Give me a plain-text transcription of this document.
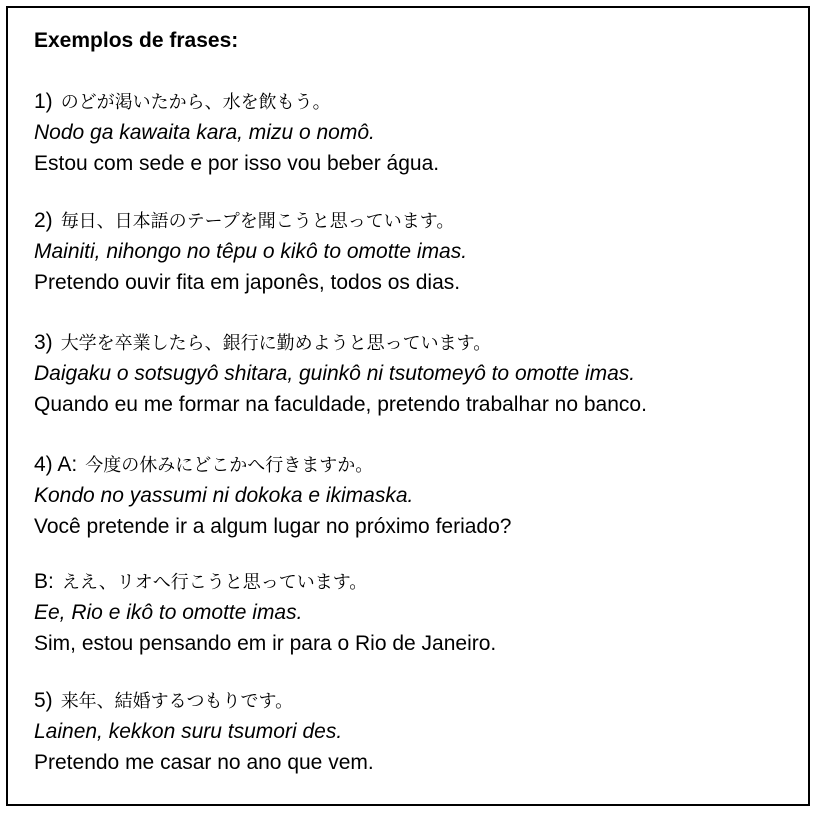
Exemplos de frases:
1) のどが渇いたから、水を飲もう。
Nodo ga kawaita kara, mizu o nomô.
Estou com sede e por isso vou beber água.
2) 毎日、日本語のテープを聞こうと思っています。
Mainiti, nihongo no têpu o kikô to omotte imas.
Pretendo ouvir fita em japonês, todos os dias.
3) 大学を卒業したら、銀行に勤めようと思っています。
Daigaku o sotsugyô shitara, guinkô ni tsutomeyô to omotte imas.
Quando eu me formar na faculdade, pretendo trabalhar no banco.
4) A: 今度の休みにどこかへ行きますか。
Kondo no yassumi ni dokoka e ikimaska.
Você pretende ir a algum lugar no próximo feriado?
B: ええ、リオへ行こうと思っています。
Ee, Rio e ikô to omotte imas.
Sim, estou pensando em ir para o Rio de Janeiro.
5) 来年、結婚するつもりです。
Lainen, kekkon suru tsumori des.
Pretendo me casar no ano que vem.
